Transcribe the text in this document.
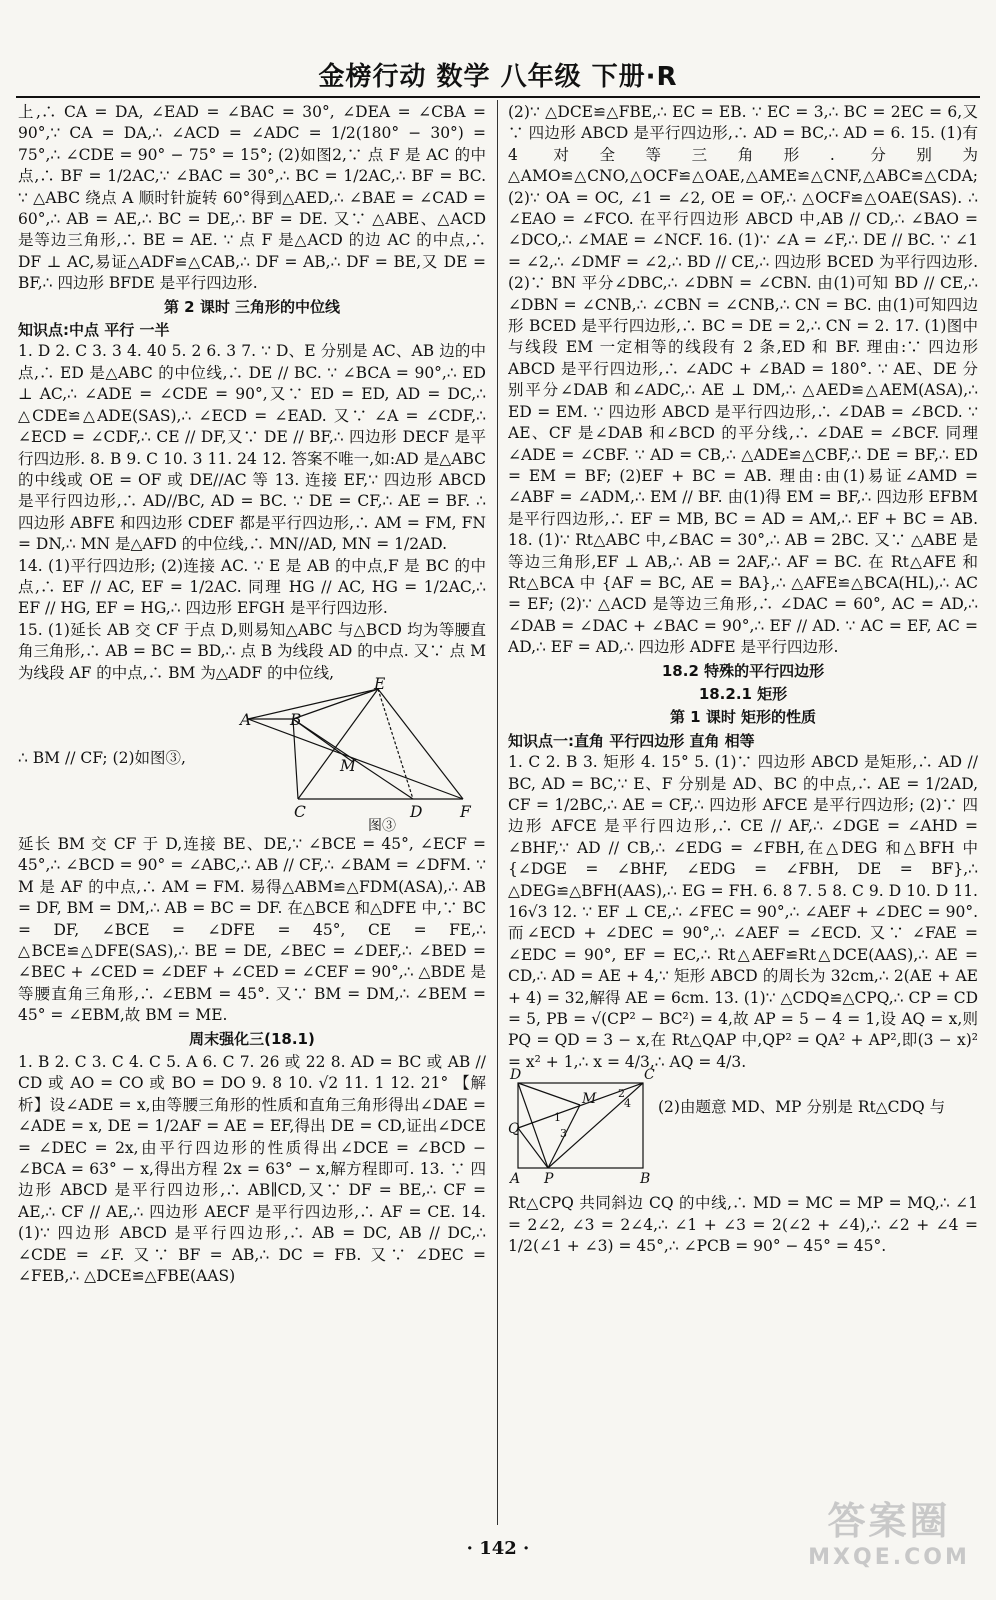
金榜行动 数学 八年级 下册·R

上,∴ CA = DA, ∠EAD = ∠BAC = 30°, ∠DEA = ∠CBA = 90°,∵ CA = DA,∴ ∠ACD = ∠ADC = 1/2(180° − 30°) = 75°,∴ ∠CDE = 90° − 75° = 15°; (2)如图2,∵ 点 F 是 AC 的中点,∴ BF = 1/2AC,∵ ∠BAC = 30°,∴ BC = 1/2AC,∴ BF = BC. ∵ △ABC 绕点 A 顺时针旋转 60°得到△AED,∴ ∠BAE = ∠CAD = 60°,∴ AB = AE,∴ BC = DE,∴ BF = DE. 又∵ △ABE、△ACD 是等边三角形,∴ BE = AE. ∵ 点 F 是△ACD 的边 AC 的中点,∴ DF ⊥ AC,易证△ADF≌△CAB,∴ DF = AB,∴ DF = BE,又 DE = BF,∴ 四边形 BFDE 是平行四边形.

第 2 课时 三角形的中位线

知识点:中点 平行 一半

1. D 2. C 3. 3 4. 40 5. 2 6. 3 7. ∵ D、E 分别是 AC、AB 边的中点,∴ ED 是△ABC 的中位线,∴ DE // BC. ∵ ∠BCA = 90°,∴ ED ⊥ AC,∴ ∠ADE = ∠CDE = 90°,又∵ ED = ED, AD = DC,∴ △CDE≌△ADE(SAS),∴ ∠ECD = ∠EAD. 又∵ ∠A = ∠CDF,∴ ∠ECD = ∠CDF,∴ CE // DF,又∵ DE // BF,∴ 四边形 DECF 是平行四边形. 8. B 9. C 10. 3 11. 24 12. 答案不唯一,如:AD 是△ABC 的中线或 OE = OF 或 DE//AC 等 13. 连接 EF,∵ 四边形 ABCD 是平行四边形,∴ AD//BC, AD = BC. ∵ DE = CF,∴ AE = BF. ∴ 四边形 ABFE 和四边形 CDEF 都是平行四边形,∴ AM = FM, FN = DN,∴ MN 是△AFD 的中位线,∴ MN//AD, MN = 1/2AD.

14. (1)平行四边形; (2)连接 AC. ∵ E 是 AB 的中点,F 是 BC 的中点,∴ EF // AC, EF = 1/2AC. 同理 HG // AC, HG = 1/2AC,∴ EF // HG, EF = HG,∴ 四边形 EFGH 是平行四边形.

15. (1)延长 AB 交 CF 于点 D,则易知△ABC 与△BCD 均为等腰直角三角形,∴ AB = BC = BD,∴ 点 B 为线段 AD 的中点. 又∵ 点 M 为线段 AF 的中点,∴ BM 为△ADF 的中位线,

∴ BM // CF; (2)如图③,

A	B
E
M
C	D F
图③

延长 BM 交 CF 于 D,连接 BE、DE,∵ ∠BCE = 45°, ∠ECF = 45°,∴ ∠BCD = 90° = ∠ABC,∴ AB // CF,∴ ∠BAM = ∠DFM. ∵ M 是 AF 的中点,∴ AM = FM. 易得△ABM≌△FDM(ASA),∴ AB = DF, BM = DM,∴ AB = BC = DF. 在△BCE 和△DFE 中,∵ BC = DF, ∠BCE = ∠DFE = 45°, CE = FE,∴ △BCE≌△DFE(SAS),∴ BE = DE, ∠BEC = ∠DEF,∴ ∠BED = ∠BEC + ∠CED = ∠DEF + ∠CED = ∠CEF = 90°,∴ △BDE 是等腰直角三角形,∴ ∠EBM = 45°. 又∵ BM = DM,∴ ∠BEM = 45° = ∠EBM,故 BM = ME.

周末强化三(18.1)

1. B 2. C 3. C 4. C 5. A 6. C 7. 26 或 22 8. AD = BC 或 AB // CD 或 AO = CO 或 BO = DO 9. 8 10. √2 11. 1 12. 21° 【解析】设∠ADE = x,由等腰三角形的性质和直角三角形得出∠DAE = ∠ADE = x, DE = 1/2AF = AE = EF,得出 DE = CD,证出∠DCE = ∠DEC = 2x,由平行四边形的性质得出∠DCE = ∠BCD − ∠BCA = 63° − x,得出方程 2x = 63° − x,解方程即可. 13. ∵ 四边形 ABCD 是平行四边形,∴ AB∥CD,又∵ DF = BE,∴ CF = AE,∴ CF // AE,∴ 四边形 AECF 是平行四边形,∴ AF = CE. 14. (1)∵ 四边形 ABCD 是平行四边形,∴ AB = DC, AB // DC,∴ ∠CDE = ∠F. 又∵ BF = AB,∴ DC = FB. 又∵ ∠DEC = ∠FEB,∴ △DCE≌△FBE(AAS)

(2)∵ △DCE≌△FBE,∴ EC = EB. ∵ EC = 3,∴ BC = 2EC = 6,又∵ 四边形 ABCD 是平行四边形,∴ AD = BC,∴ AD = 6. 15. (1)有 4 对全等三角形. 分别为△AMO≌△CNO,△OCF≌△OAE,△AME≌△CNF,△ABC≌△CDA; (2)∵ OA = OC, ∠1 = ∠2, OE = OF,∴ △OCF≌△OAE(SAS). ∴ ∠EAO = ∠FCO. 在平行四边形 ABCD 中,AB // CD,∴ ∠BAO = ∠DCO,∴ ∠MAE = ∠NCF. 16. (1)∵ ∠A = ∠F,∴ DE // BC. ∵ ∠1 = ∠2,∴ ∠DMF = ∠2,∴ BD // CE,∴ 四边形 BCED 为平行四边形. (2)∵ BN 平分∠DBC,∴ ∠DBN = ∠CBN. 由(1)可知 BD // CE,∴ ∠DBN = ∠CNB,∴ ∠CBN = ∠CNB,∴ CN = BC. 由(1)可知四边形 BCED 是平行四边形,∴ BC = DE = 2,∴ CN = 2. 17. (1)图中与线段 EM 一定相等的线段有 2 条,ED 和 BF. 理由:∵ 四边形 ABCD 是平行四边形,∴ ∠ADC + ∠BAD = 180°. ∵ AE、DE 分别平分∠DAB 和∠ADC,∴ AE ⊥ DM,∴ △AED≌△AEM(ASA),∴ ED = EM. ∵ 四边形 ABCD 是平行四边形,∴ ∠DAB = ∠BCD. ∵ AE、CF 是∠DAB 和∠BCD 的平分线,∴ ∠DAE = ∠BCF. 同理∠ADE = ∠CBF. ∵ AD = CB,∴ △ADE≌△CBF,∴ DE = BF,∴ ED = EM = BF; (2)EF + BC = AB. 理由:由(1)易证∠AMD = ∠ABF = ∠ADM,∴ EM // BF. 由(1)得 EM = BF,∴ 四边形 EFBM 是平行四边形,∴ EF = MB, BC = AD = AM,∴ EF + BC = AB. 18. (1)∵ Rt△ABC 中,∠BAC = 30°,∴ AB = 2BC. 又∵ △ABE 是等边三角形,EF ⊥ AB,∴ AB = 2AF,∴ AF = BC. 在 Rt△AFE 和 Rt△BCA 中 {AF = BC, AE = BA},∴ △AFE≌△BCA(HL),∴ AC = EF; (2)∵ △ACD 是等边三角形,∴ ∠DAC = 60°, AC = AD,∴ ∠DAB = ∠DAC + ∠BAC = 90°,∴ EF // AD. ∵ AC = EF, AC = AD,∴ EF = AD,∴ 四边形 ADFE 是平行四边形.

18.2 特殊的平行四边形

18.2.1 矩形

第 1 课时 矩形的性质

知识点一:直角 平行四边形 直角 相等

1. C 2. B 3. 矩形 4. 15° 5. (1)∵ 四边形 ABCD 是矩形,∴ AD // BC, AD = BC,∵ E、F 分别是 AD、BC 的中点,∴ AE = 1/2AD, CF = 1/2BC,∴ AE = CF,∴ 四边形 AFCE 是平行四边形; (2)∵ 四边形 AFCE 是平行四边形,∴ CE // AF,∴ ∠DGE = ∠AHD = ∠BHF,∵ AD // CB,∴ ∠EDG = ∠FBH,在△DEG 和△BFH 中 {∠DGE = ∠BHF, ∠EDG = ∠FBH, DE = BF},∴ △DEG≌△BFH(AAS),∴ EG = FH. 6. 8 7. 5 8. C 9. D 10. D 11. 16√3 12. ∵ EF ⊥ CE,∴ ∠FEC = 90°,∴ ∠AEF + ∠DEC = 90°. 而∠ECD + ∠DEC = 90°,∴ ∠AEF = ∠ECD. 又∵ ∠FAE = ∠EDC = 90°, EF = EC,∴ Rt△AEF≌Rt△DCE(AAS),∴ AE = CD,∴ AD = AE + 4,∵ 矩形 ABCD 的周长为 32cm,∴ 2(AE + AE + 4) = 32,解得 AE = 6cm. 13. (1)∵ △CDQ≌△CPQ,∴ CP = CD = 5, PB = √(CP² − BC²) = 4,故 AP = 5 − 4 = 1,设 AQ = x,则 PQ = QD = 3 − x,在 Rt△QAP 中,QP² = QA² + AP²,即(3 − x)² = x² + 1,∴ x = 4/3,∴ AQ = 4/3.

D	C
M
Q
A P	B
1
2
3
4 (2)由题意 MD、MP 分别是 Rt△CDQ 与

Rt△CPQ 共同斜边 CQ 的中线,∴ MD = MC = MP = MQ,∴ ∠1 = 2∠2, ∠3 = 2∠4,∴ ∠1 + ∠3 = 2(∠2 + ∠4),∴ ∠2 + ∠4 = 1/2(∠1 + ∠3) = 45°,∴ ∠PCB = 90° − 45° = 45°.

· 142 ·
答案圈
MXQE.COM
